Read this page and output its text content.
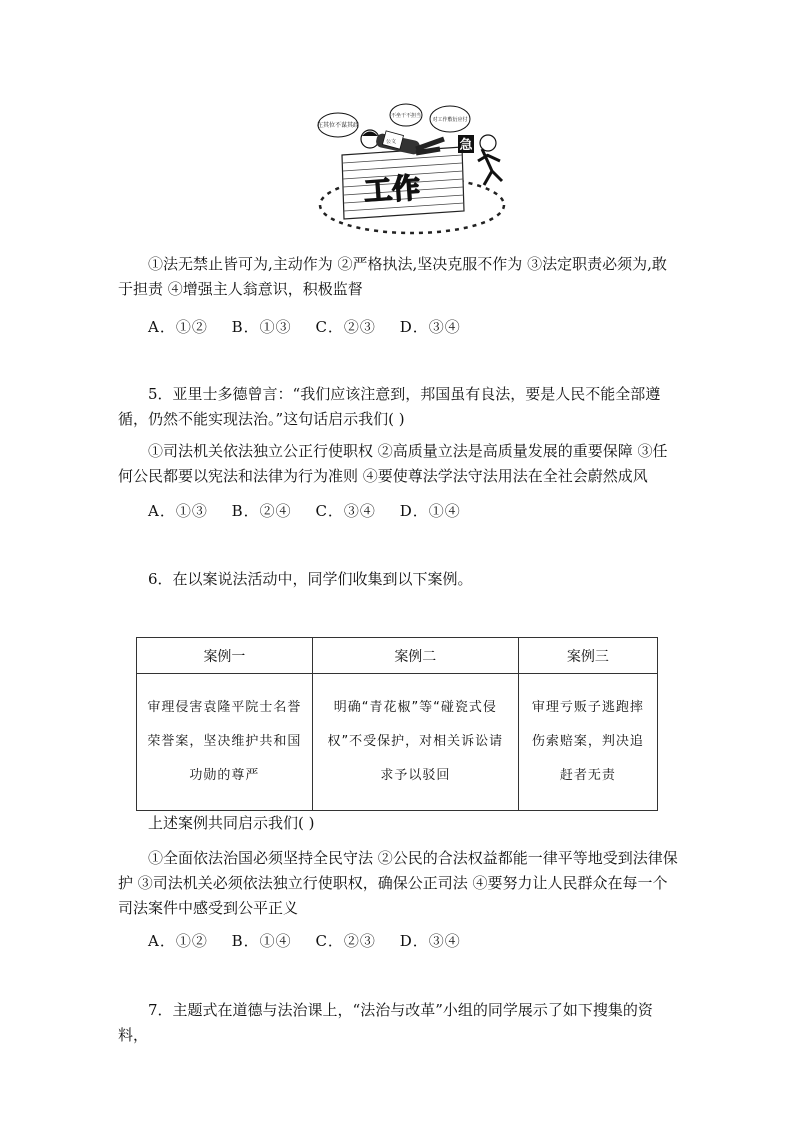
工作
公文
在其位不谋其政
不坐干不担当
对工作敷衍应付
急
①法无禁止皆可为,主动作为 ②严格执法,坚决克服不作为 ③法定职责必须为,敢于担责 ④增强主人翁意识，积极监督
A．①② B．①③ C．②③ D．③④
5．亚里士多德曾言：“我们应该注意到，邦国虽有良法，要是人民不能全部遵循，仍然不能实现法治。”这句话启示我们( )
①司法机关依法独立公正行使职权 ②高质量立法是高质量发展的重要保障 ③任何公民都要以宪法和法律为行为准则 ④要使尊法学法守法用法在全社会蔚然成风
A．①③ B．②④ C．③④ D．①④
6．在以案说法活动中，同学们收集到以下案例。
案例一	案例二	案例三
审理侵害袁隆平院士名誉荣誉案，坚决维护共和国功勋的尊严	明确“青花椒”等“碰瓷式侵权”不受保护，对相关诉讼请求予以驳回	审理亏贩子逃跑摔伤索赔案，判决追赶者无责
上述案例共同启示我们( )
①全面依法治国必须坚持全民守法 ②公民的合法权益都能一律平等地受到法律保护 ③司法机关必须依法独立行使职权，确保公正司法 ④要努力让人民群众在每一个司法案件中感受到公平正义
A．①② B．①④ C．②③ D．③④
7．主题式在道德与法治课上，“法治与改革”小组的同学展示了如下搜集的资料，
